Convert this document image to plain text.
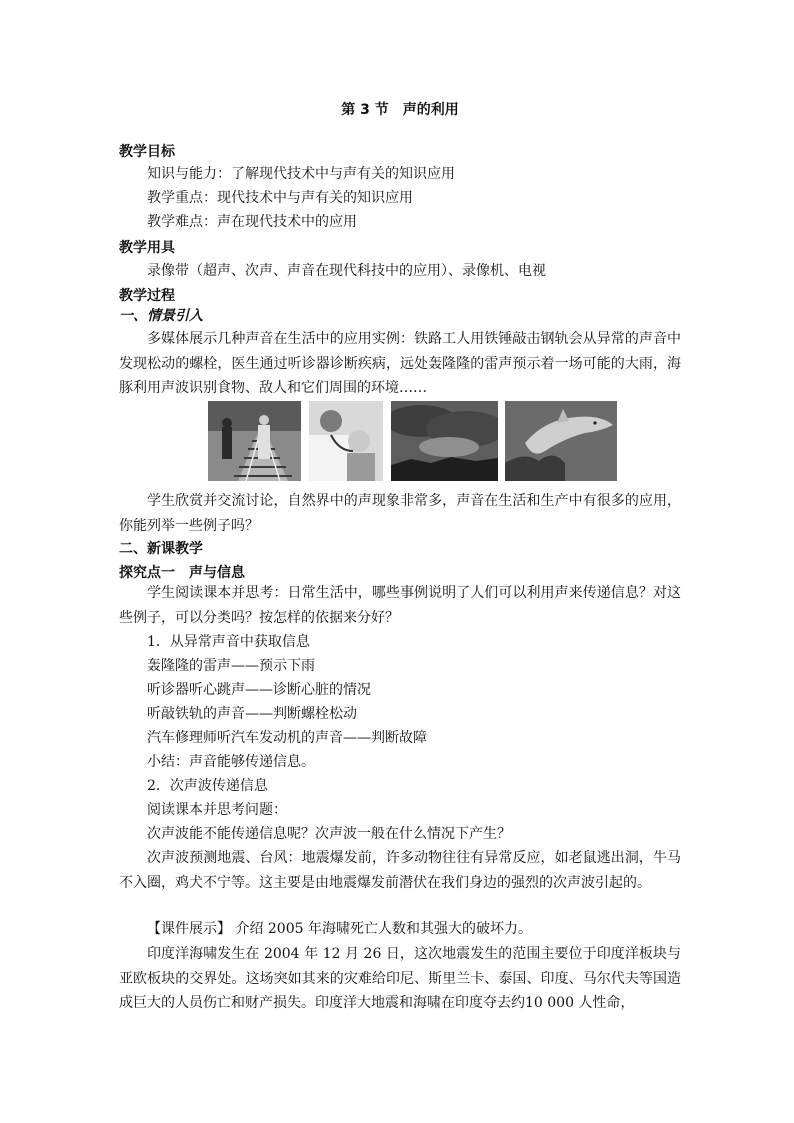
第 3 节　声的利用
教学目标
知识与能力：了解现代技术中与声有关的知识应用
教学重点：现代技术中与声有关的知识应用
教学难点：声在现代技术中的应用
教学用具
录像带（超声、次声、声音在现代科技中的应用）、录像机、电视
教学过程
一、情景引入
多媒体展示几种声音在生活中的应用实例：铁路工人用铁锤敲击钢轨会从异常的声音中发现松动的螺栓，医生通过听诊器诊断疾病，远处轰隆隆的雷声预示着一场可能的大雨，海豚利用声波识别食物、敌人和它们周围的环境……
学生欣赏并交流讨论，自然界中的声现象非常多，声音在生活和生产中有很多的应用，你能列举一些例子吗？
二、新课教学
探究点一　声与信息
学生阅读课本并思考：日常生活中，哪些事例说明了人们可以利用声来传递信息？对这些例子，可以分类吗？按怎样的依据来分好？
1．从异常声音中获取信息
轰隆隆的雷声——预示下雨
听诊器听心跳声——诊断心脏的情况
听敲铁轨的声音——判断螺栓松动
汽车修理师听汽车发动机的声音——判断故障
小结：声音能够传递信息。
2．次声波传递信息
阅读课本并思考问题：
次声波能不能传递信息呢？次声波一般在什么情况下产生？
次声波预测地震、台风：地震爆发前，许多动物往往有异常反应，如老鼠逃出洞，牛马不入圈，鸡犬不宁等。这主要是由地震爆发前潜伏在我们身边的强烈的次声波引起的。
【课件展示】 介绍 2005 年海啸死亡人数和其强大的破坏力。
印度洋海啸发生在 2004 年 12 月 26 日，这次地震发生的范围主要位于印度洋板块与亚欧板块的交界处。这场突如其来的灾难给印尼、斯里兰卡、泰国、印度、马尔代夫等国造成巨大的人员伤亡和财产损失。印度洋大地震和海啸在印度夺去约10 000 人性命，
